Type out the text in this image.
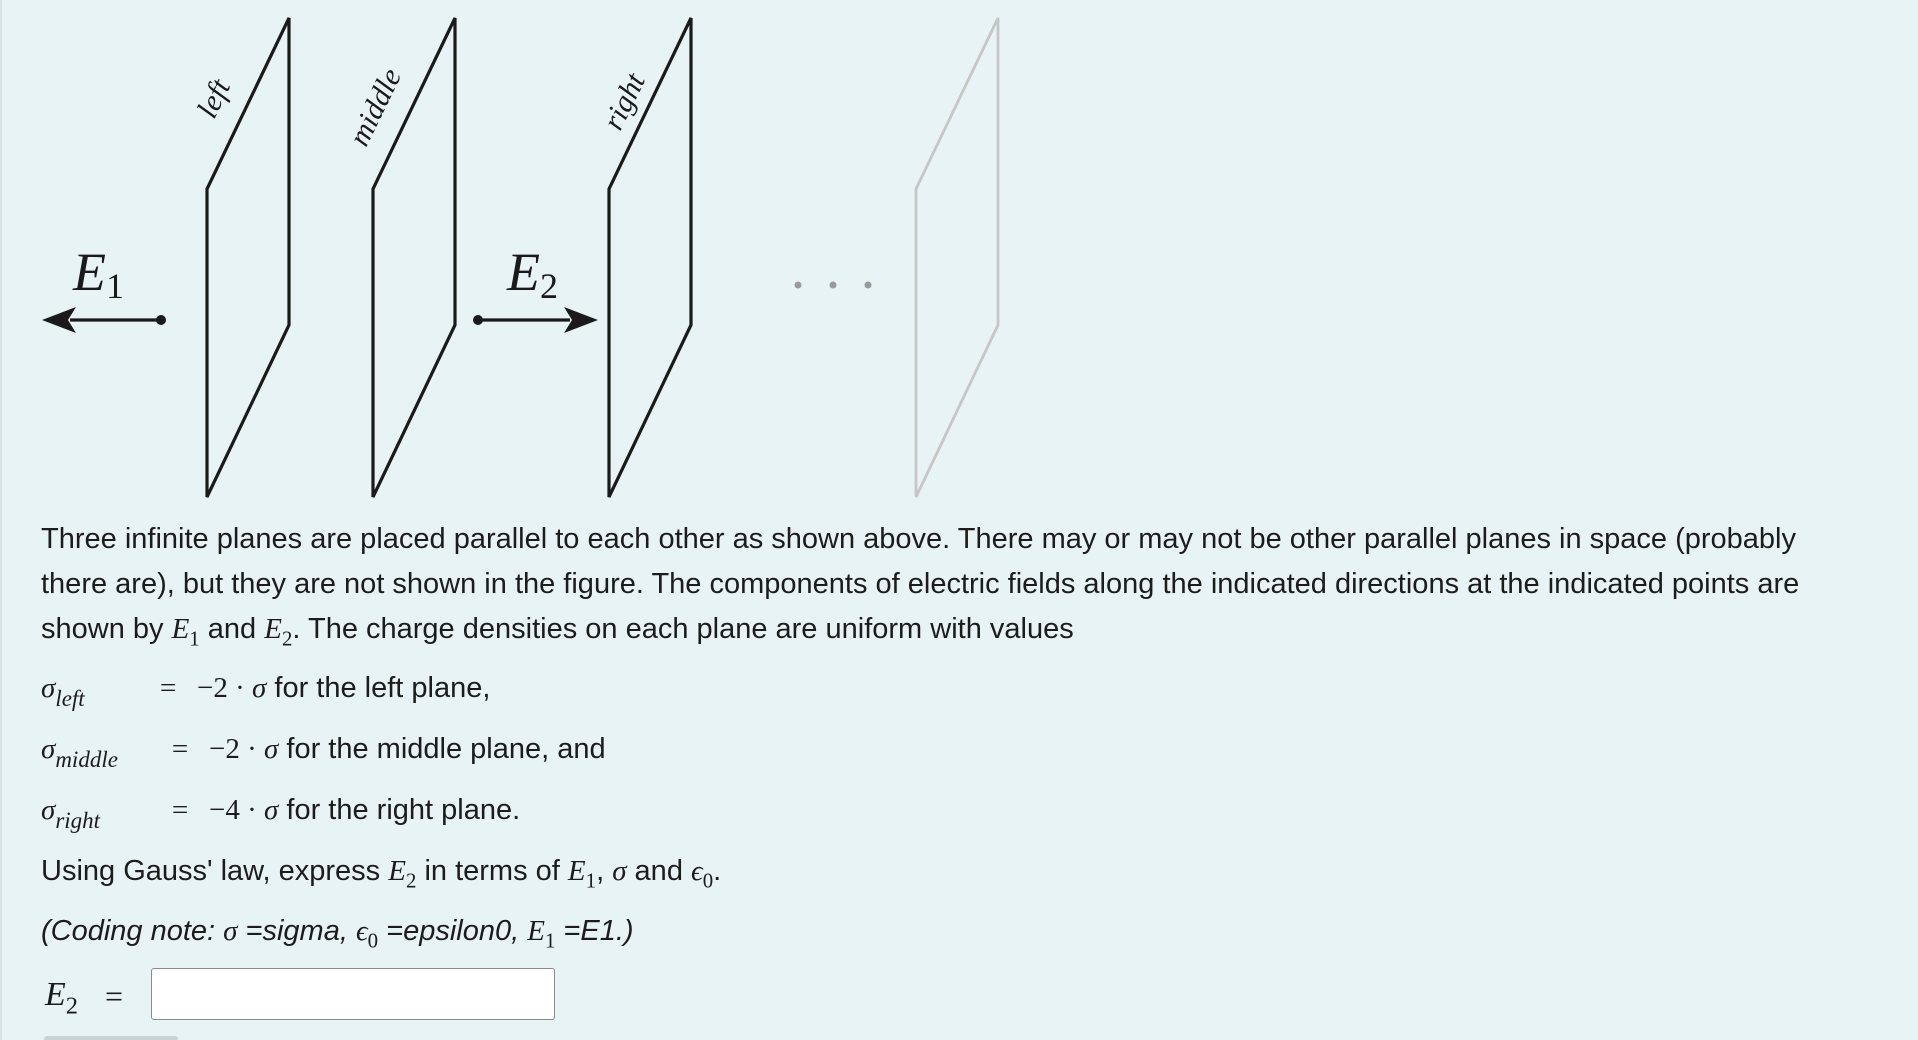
left	middle	right
E1	E2
Three infinite planes are placed parallel to each other as shown above. There may or may not be other parallel planes in space (probably there are), but they are not shown in the figure. The components of electric fields along the indicated directions at the indicated points are shown by $E_1$ and $E_2$. The charge densities on each plane are uniform with values
$\sigma_{left}$	= −2 · σ for the left plane,
$\sigma_{middle} = -2 \cdot \sigma$ for the middle plane, and
$\sigma_{right} = -4 \cdot \sigma$ for the right plane.
Using Gauss' law, express $E_2$ in terms of $E_1$, σ and $\epsilon_0$.
(Coding note: σ =sigma, $\epsilon_0$ =epsilon0, $E_1 =E1$.)
$E_2$ =
